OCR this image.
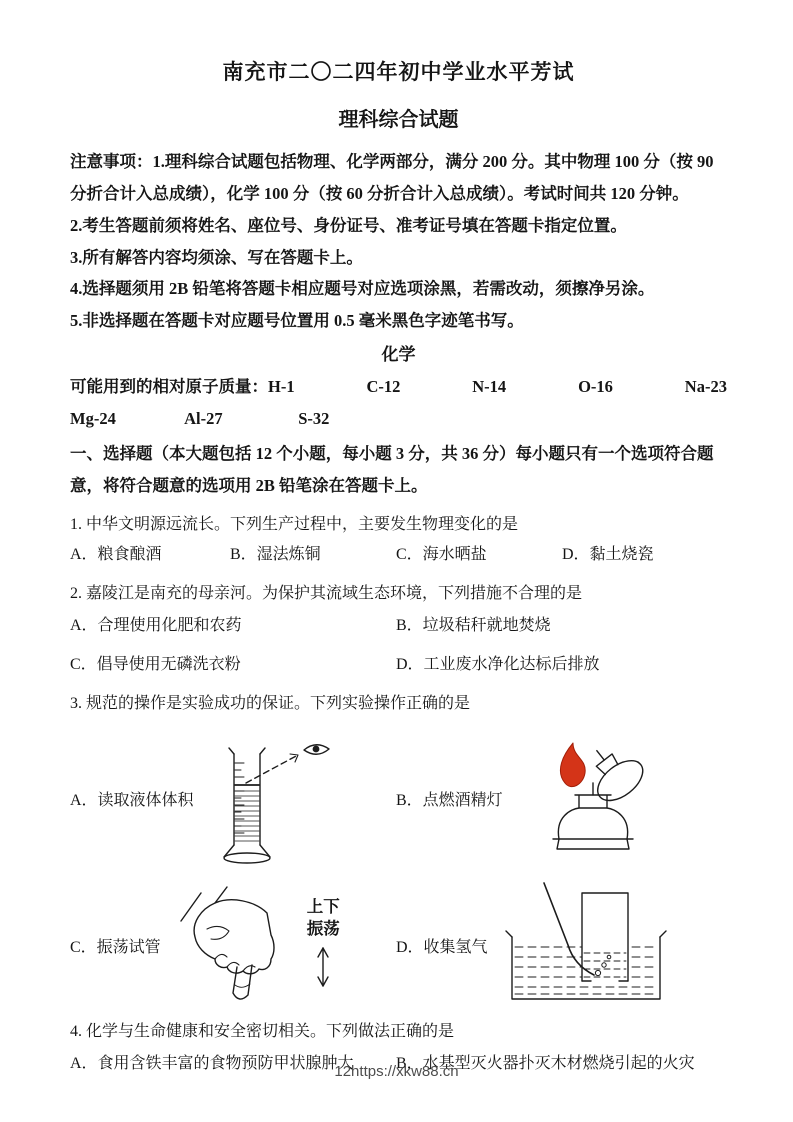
南充市二〇二四年初中学业水平芳试
理科综合试题

注意事项：1.理科综合试题包括物理、化学两部分，满分 200 分。其中物理 100 分（按 90 分折合计入总成绩），化学 100 分（按 60 分折合计入总成绩）。考试时间共 120 分钟。

2.考生答题前须将姓名、座位号、身份证号、准考证号填在答题卡指定位置。

3.所有解答内容均须涂、写在答题卡上。

4.选择题须用 2B 铅笔将答题卡相应题号对应选项涂黑，若需改动，须擦净另涂。

5.非选择题在答题卡对应题号位置用 0.5 毫米黑色字迹笔书写。

化学
可能用到的相对原子质量：H-1	C-12	N-14	O-16	Na-23
Mg-24	Al-27	S-32

一、选择题（本大题包括 12 个小题，每小题 3 分，共 36 分）每小题只有一个选项符合题意，将符合题意的选项用 2B 铅笔涂在答题卡上。

1. 中华文明源远流长。下列生产过程中，主要发生物理变化的是

A．粮食酿酒	B．湿法炼铜	C．海水晒盐	D．黏土烧瓷

2. 嘉陵江是南充的母亲河。为保护其流域生态环境，下列措施不合理的是

A．合理使用化肥和农药	B．垃圾秸秆就地焚烧
C．倡导使用无磷洗衣粉	D．工业废水净化达标后排放

3. 规范的操作是实验成功的保证。下列实验操作正确的是

A．读取液体体积	B．点燃酒精灯
C．振荡试管
上下
振荡
D．收集氢气

4. 化学与生命健康和安全密切相关。下列做法正确的是

A．食用含铁丰富的食物预防甲状腺肿大	B．水基型灭火器扑灭木材燃烧引起的火灾
12https://xkw88.cn
